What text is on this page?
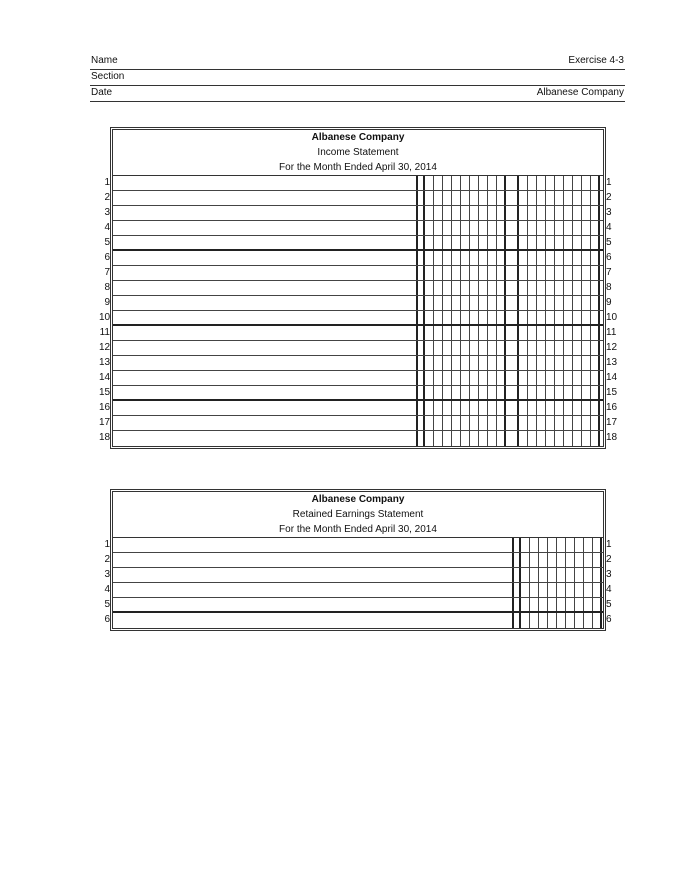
Name	Exercise 4-3
Section
Date	Albanese Company
Albanese Company
Income Statement
For the Month Ended April 30, 2014
1	1
2	2
3	3
4	4
5	5
6	6
7	7
8	8
9	9
10	10
11	11
12	12
13	13
14	14
15	15
16	16
17	17
18	18
Albanese Company
Retained Earnings Statement
For the Month Ended April 30, 2014
1	1
2	2
3	3
4	4
5	5
6	6
